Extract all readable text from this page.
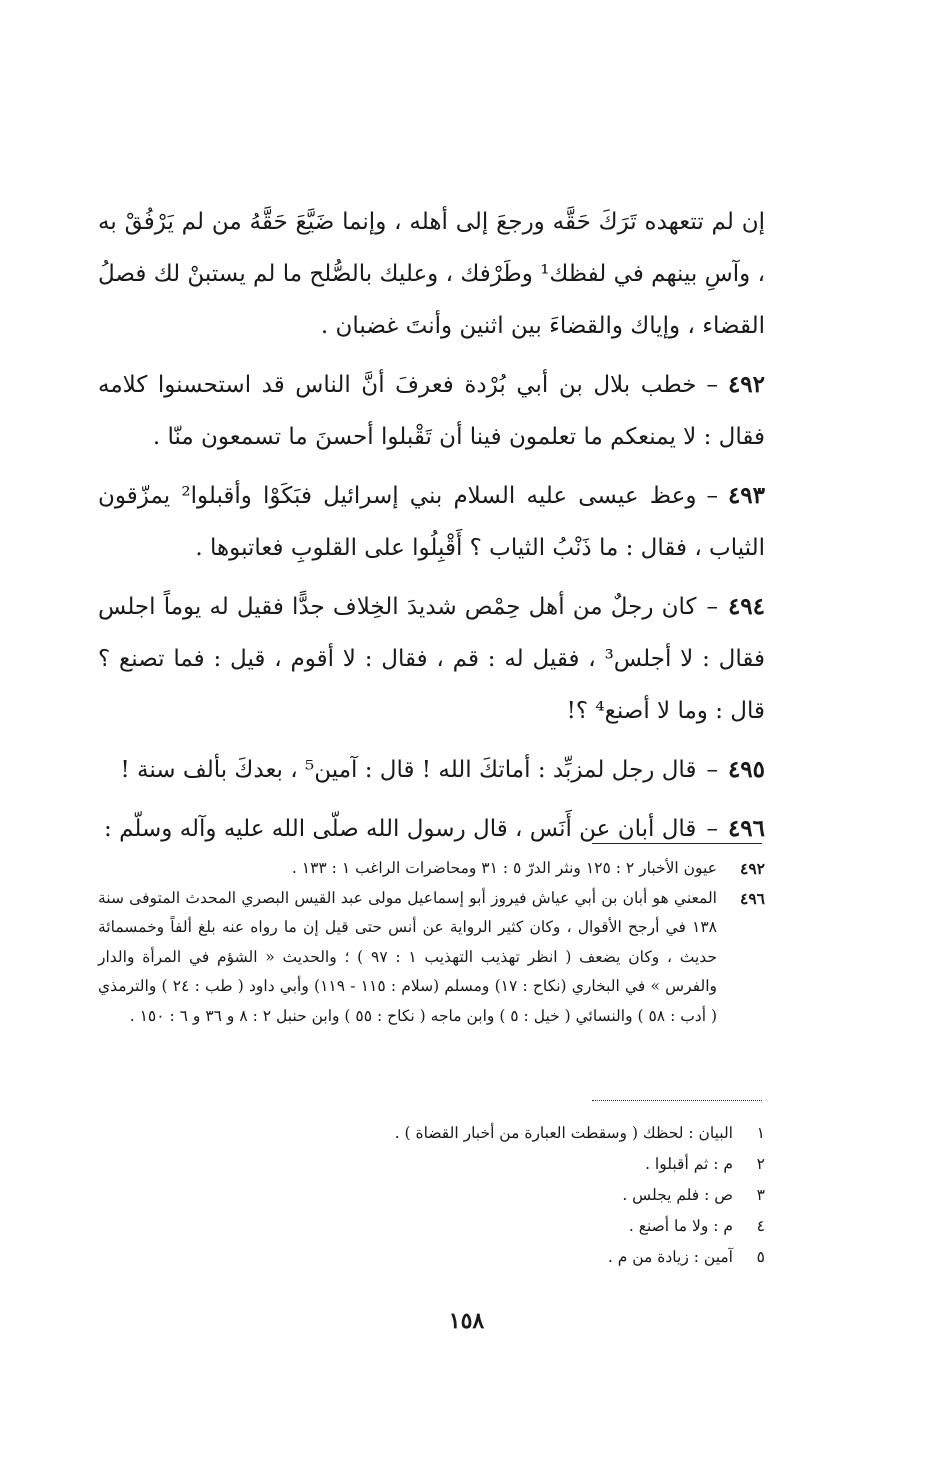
إن لم تتعهده تَرَكَ حَقَّه ورجعَ إلى أهله ، وإنما ضَيَّعَ حَقَّهُ من لم يَرْفُقْ به ، وآسِ بينهم في لفظك¹ وطَرْفك ، وعليك بالصُّلح ما لم يستبنْ لك فصلُ القضاء ، وإياك والقضاءَ بين اثنين وأنتَ غضبان .

٤٩٢–خطب بلال بن أبي بُرْدة فعرفَ أنَّ الناس قد استحسنوا كلامه فقال : لا يمنعكم ما تعلمون فينا أن تَقْبلوا أحسنَ ما تسمعون منّا .

٤٩٣–وعظ عيسى عليه السلام بني إسرائيل فبَكَوْا وأقبلوا² يمزّقون الثياب ، فقال : ما ذَنْبُ الثياب ؟ أَقْبِلُوا على القلوبِ فعاتبوها .

٤٩٤–كان رجلٌ من أهل حِمْص شديدَ الخِلاف جدًّا فقيل له يوماً اجلس فقال : لا أجلس³ ، فقيل له : قم ، فقال : لا أقوم ، قيل : فما تصنع ؟ قال : وما لا أصنع⁴ ؟!

٤٩٥–قال رجل لمزبِّد : أماتكَ الله ! قال : آمين⁵ ، بعدكَ بألف سنة !

٤٩٦–قال أبان عن أَنَس ، قال رسول الله صلّى الله عليه وآله وسلّم :

٤٩٢
عيون الأخبار ٢ : ١٢٥ ونثر الدرّ ٥ : ٣١ ومحاضرات الراغب ١ : ١٣٣ .
٤٩٦
المعني هو أبان بن أبي عياش فيروز أبو إسماعيل مولى عبد القيس البصري المحدث المتوفى سنة ١٣٨ في أرجح الأقوال ، وكان كثير الرواية عن أنس حتى قيل إن ما رواه عنه بلغ ألفاً وخمسمائة حديث ، وكان يضعف ( انظر تهذيب التهذيب ١ : ٩٧ ) ؛ والحديث « الشؤم في المرأة والدار والفرس » في البخاري (نكاح : ١٧) ومسلم (سلام : ١١٥ - ١١٩) وأبي داود ( طب : ٢٤ ) والترمذي ( أدب : ٥٨ ) والنسائي ( خيل : ٥ ) وابن ماجه ( نكاح : ٥٥ ) وابن حنبل ٢ : ٨ و ٣٦ و ٦ : ١٥٠ .
١
البيان : لحظك ( وسقطت العبارة من أخبار القضاة ) .
٢
م : ثم أقبلوا .
٣
ص : فلم يجلس .
٤
م : ولا ما أصنع .
٥
آمين : زيادة من م .
١٥٨
